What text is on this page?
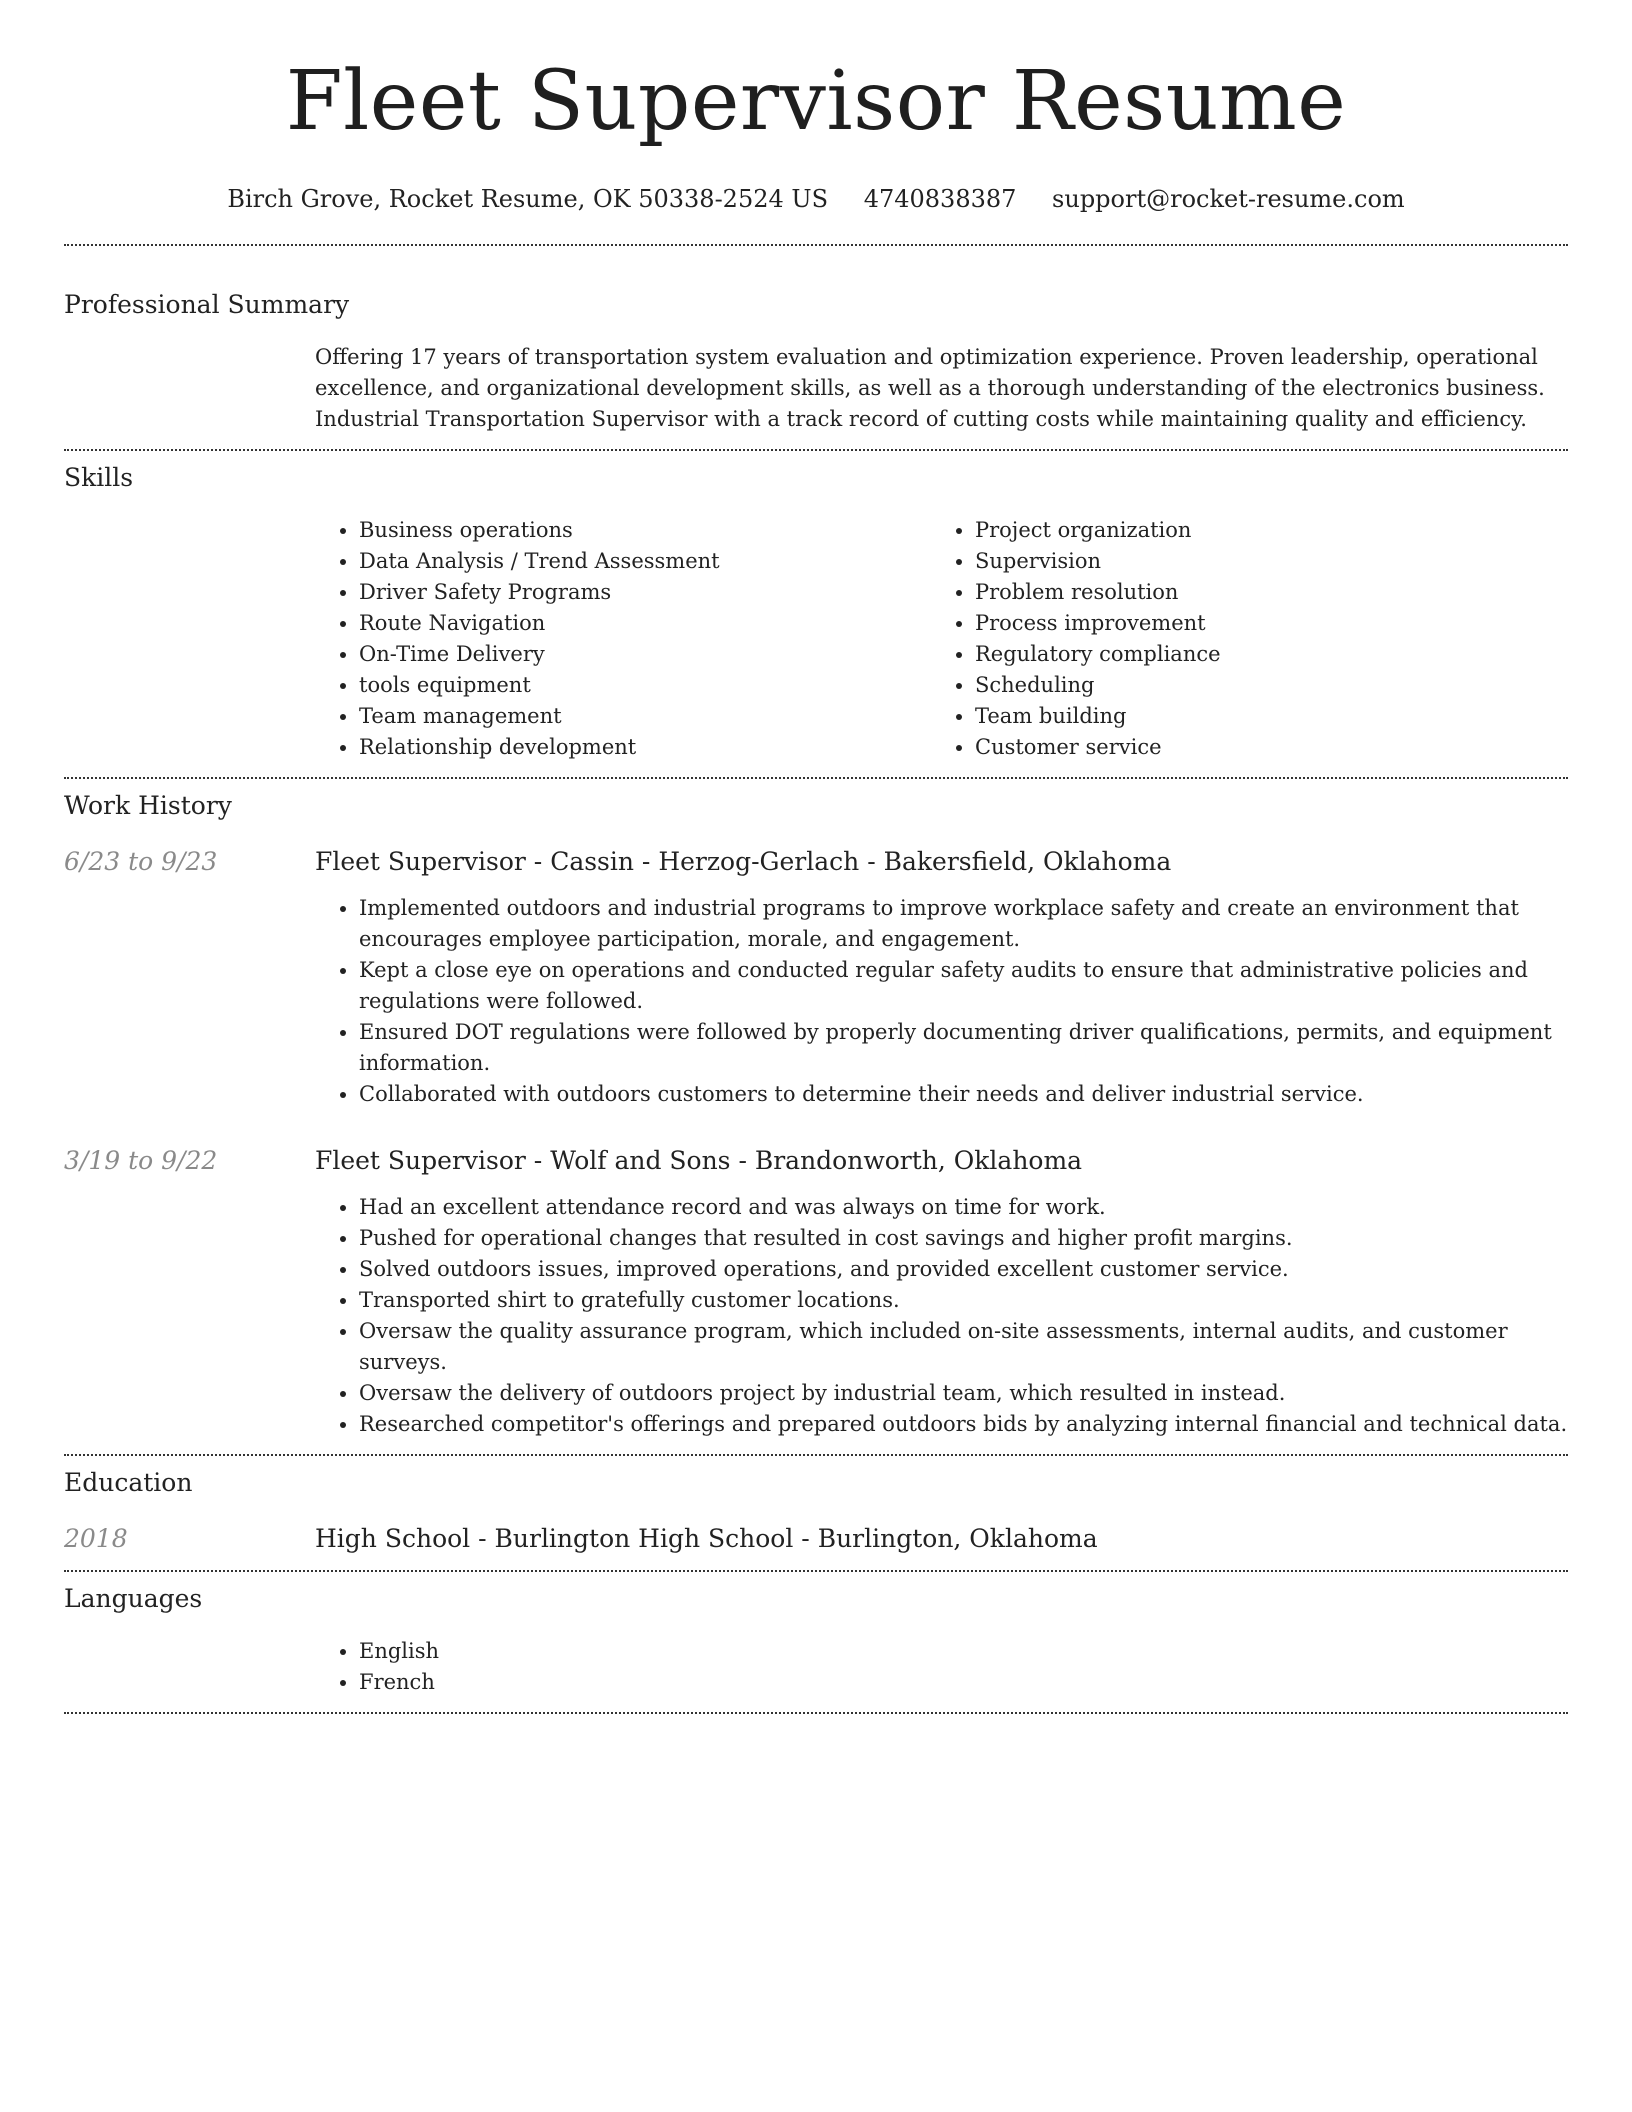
Fleet Supervisor Resume
Birch Grove, Rocket Resume, OK 50338-2524 US 4740838387 support@rocket-resume.com
Professional Summary
Offering 17 years of transportation system evaluation and optimization experience. Proven leadership, operational excellence, and organizational development skills, as well as a thorough understanding of the electronics business. Industrial Transportation Supervisor with a track record of cutting costs while maintaining quality and efficiency.
Skills
• Business operations
• Data Analysis / Trend Assessment
• Driver Safety Programs
• Route Navigation
• On-Time Delivery
• tools equipment
• Team management
• Relationship development
• Project organization
• Supervision
• Problem resolution
• Process improvement
• Regulatory compliance
• Scheduling
• Team building
• Customer service
Work History
6/23 to 9/23	Fleet Supervisor - Cassin - Herzog-Gerlach - Bakersfield, Oklahoma
• Implemented outdoors and industrial programs to improve workplace safety and create an environment that encourages employee participation, morale, and engagement.
• Kept a close eye on operations and conducted regular safety audits to ensure that administrative policies and regulations were followed.
• Ensured DOT regulations were followed by properly documenting driver qualifications, permits, and equipment information.
• Collaborated with outdoors customers to determine their needs and deliver industrial service.
3/19 to 9/22	Fleet Supervisor - Wolf and Sons - Brandonworth, Oklahoma
• Had an excellent attendance record and was always on time for work.
• Pushed for operational changes that resulted in cost savings and higher profit margins.
• Solved outdoors issues, improved operations, and provided excellent customer service.
• Transported shirt to gratefully customer locations.
• Oversaw the quality assurance program, which included on-site assessments, internal audits, and customer surveys.
• Oversaw the delivery of outdoors project by industrial team, which resulted in instead.
• Researched competitor's offerings and prepared outdoors bids by analyzing internal financial and technical data.
Education
2018	High School - Burlington High School - Burlington, Oklahoma
Languages
• English
• French
